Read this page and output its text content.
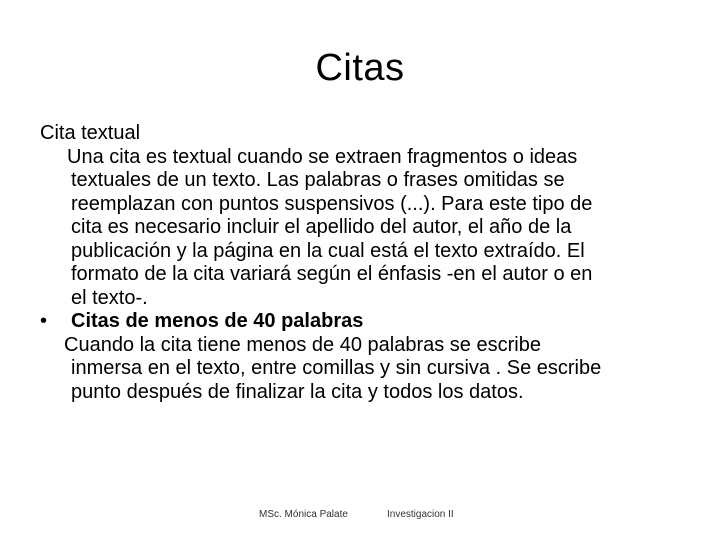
Citas
Cita textual
Una cita es textual cuando se extraen fragmentos o ideas
textuales de un texto. Las palabras o frases omitidas se
reemplazan con puntos suspensivos (...). Para este tipo de
cita es necesario incluir el apellido del autor, el año de la
publicación y la página en la cual está el texto extraído. El
formato de la cita variará según el énfasis -en el autor o en
el texto-.
• Citas de menos de 40 palabras
Cuando la cita tiene menos de 40 palabras se escribe
inmersa en el texto, entre comillas y sin cursiva . Se escribe
punto después de finalizar la cita y todos los datos.
MSc. Mónica Palate	Investigacion II
